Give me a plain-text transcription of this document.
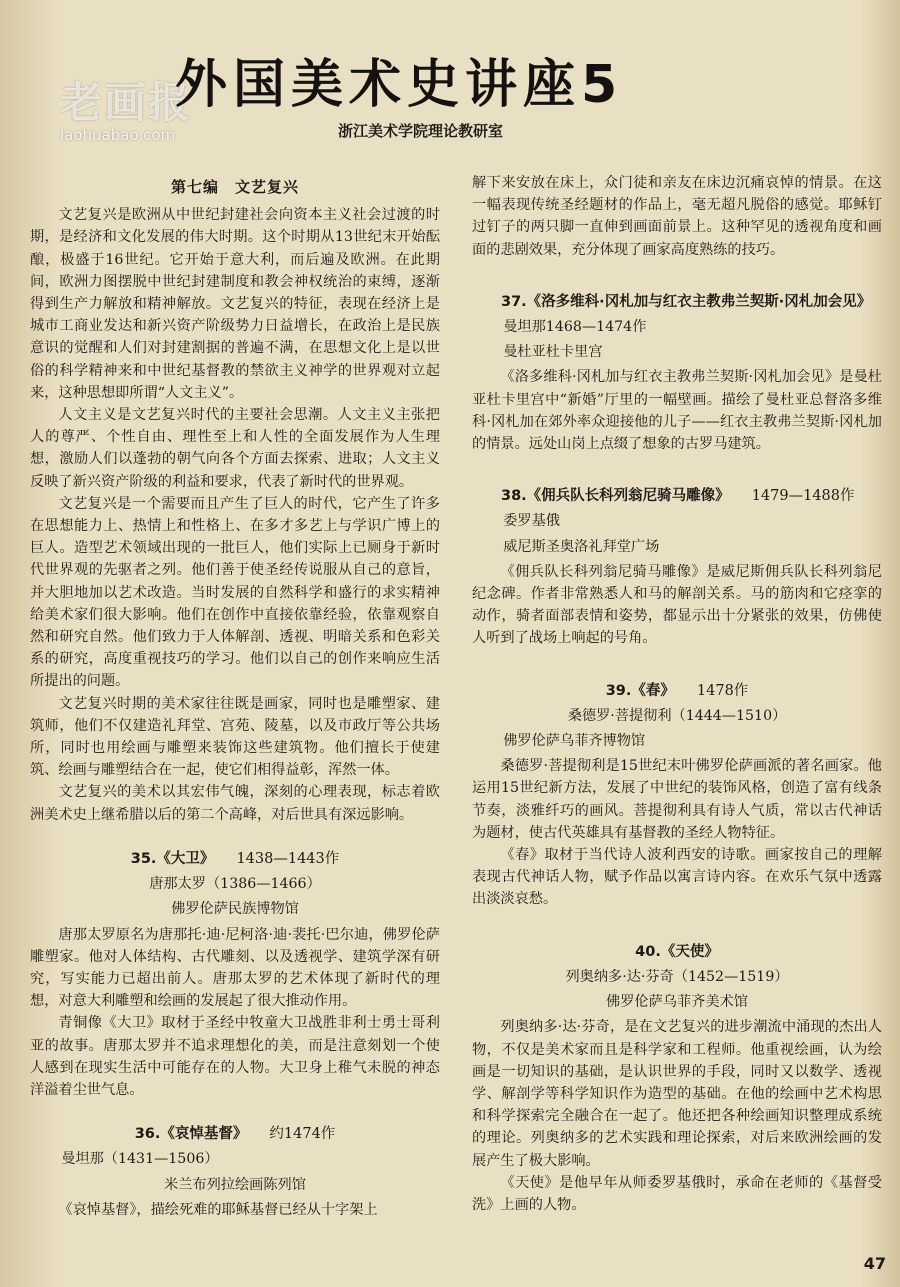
老画报
laohuabao.com
外国美术史讲座5
浙江美术学院理论教研室
第七编　文艺复兴

文艺复兴是欧洲从中世纪封建社会向资本主义社会过渡的时期，是经济和文化发展的伟大时期。这个时期从13世纪末开始酝酿，极盛于16世纪。它开始于意大利，而后遍及欧洲。在此期间，欧洲力图摆脱中世纪封建制度和教会神权统治的束缚，逐渐得到生产力解放和精神解放。文艺复兴的特征，表现在经济上是城市工商业发达和新兴资产阶级势力日益增长，在政治上是民族意识的觉醒和人们对封建割据的普遍不满，在思想文化上是以世俗的科学精神来和中世纪基督教的禁欲主义神学的世界观对立起来，这种思想即所谓“人文主义”。

人文主义是文艺复兴时代的主要社会思潮。人文主义主张把人的尊严、个性自由、理性至上和人性的全面发展作为人生理想，激励人们以蓬勃的朝气向各个方面去探索、进取；人文主义反映了新兴资产阶级的利益和要求，代表了新时代的世界观。

文艺复兴是一个需要而且产生了巨人的时代，它产生了许多在思想能力上、热情上和性格上、在多才多艺上与学识广博上的巨人。造型艺术领域出现的一批巨人，他们实际上已厕身于新时代世界观的先驱者之列。他们善于使圣经传说服从自己的意旨，并大胆地加以艺术改造。当时发展的自然科学和盛行的求实精神给美术家们很大影响。他们在创作中直接依靠经验，依靠观察自然和研究自然。他们致力于人体解剖、透视、明暗关系和色彩关系的研究，高度重视技巧的学习。他们以自己的创作来响应生活所提出的问题。

文艺复兴时期的美术家往往既是画家，同时也是雕塑家、建筑师，他们不仅建造礼拜堂、宫苑、陵墓，以及市政厅等公共场所，同时也用绘画与雕塑来装饰这些建筑物。他们擅长于使建筑、绘画与雕塑结合在一起，使它们相得益彰，浑然一体。

文艺复兴的美术以其宏伟气魄，深刻的心理表现，标志着欧洲美术史上继希腊以后的第二个高峰，对后世具有深远影响。

35.《大卫》 1438—1443作
唐那太罗（1386—1466）
佛罗伦萨民族博物馆

唐那太罗原名为唐那托·迪·尼柯洛·迪·裴托·巴尔迪，佛罗伦萨雕塑家。他对人体结构、古代雕刻、以及透视学、建筑学深有研究，写实能力已超出前人。唐那太罗的艺术体现了新时代的理想，对意大利雕塑和绘画的发展起了很大推动作用。

青铜像《大卫》取材于圣经中牧童大卫战胜非利士勇士哥利亚的故事。唐那太罗并不追求理想化的美，而是注意刻划一个使人感到在现实生活中可能存在的人物。大卫身上稚气未脱的神态洋溢着尘世气息。

36.《哀悼基督》 约1474作
曼坦那（1431—1506）
米兰布列拉绘画陈列馆

《哀悼基督》，描绘死难的耶稣基督已经从十字架上

解下来安放在床上，众门徒和亲友在床边沉痛哀悼的情景。在这一幅表现传统圣经题材的作品上，毫无超凡脱俗的感觉。耶稣钉过钉子的两只脚一直伸到画面前景上。这种罕见的透视角度和画面的悲剧效果，充分体现了画家高度熟练的技巧。

37.《洛多维科·冈札加与红衣主教弗兰契斯·冈札加会见》
曼坦那1468—1474作
曼杜亚杜卡里宫

《洛多维科·冈札加与红衣主教弗兰契斯·冈札加会见》是曼杜亚杜卡里宫中“新婚”厅里的一幅壁画。描绘了曼杜亚总督洛多维科·冈札加在郊外率众迎接他的儿子——红衣主教弗兰契斯·冈札加的情景。远处山岗上点缀了想象的古罗马建筑。

38.《佣兵队长科列翁尼骑马雕像》 1479—1488作
委罗基俄
威尼斯圣奥洛礼拜堂广场

《佣兵队长科列翁尼骑马雕像》是威尼斯佣兵队长科列翁尼纪念碑。作者非常熟悉人和马的解剖关系。马的筋肉和它痉挛的动作，骑者面部表情和姿势，都显示出十分紧张的效果，仿佛使人听到了战场上响起的号角。

39.《春》 1478作
桑德罗·菩提彻利（1444—1510）
佛罗伦萨乌菲齐博物馆

桑德罗·菩提彻利是15世纪末叶佛罗伦萨画派的著名画家。他运用15世纪新方法，发展了中世纪的装饰风格，创造了富有线条节奏，淡雅纤巧的画风。菩提彻利具有诗人气质，常以古代神话为题材，使古代英雄具有基督教的圣经人物特征。

《春》取材于当代诗人波利西安的诗歌。画家按自己的理解表现古代神话人物，赋予作品以寓言诗内容。在欢乐气氛中透露出淡淡哀愁。

40.《天使》
列奥纳多·达·芬奇（1452—1519）
佛罗伦萨乌菲齐美术馆

列奥纳多·达·芬奇，是在文艺复兴的进步潮流中涌现的杰出人物，不仅是美术家而且是科学家和工程师。他重视绘画，认为绘画是一切知识的基础，是认识世界的手段，同时又以数学、透视学、解剖学等科学知识作为造型的基础。在他的绘画中艺术构思和科学探索完全融合在一起了。他还把各种绘画知识整理成系统的理论。列奥纳多的艺术实践和理论探索，对后来欧洲绘画的发展产生了极大影响。

《天使》是他早年从师委罗基俄时，承命在老师的《基督受洗》上画的人物。

47
